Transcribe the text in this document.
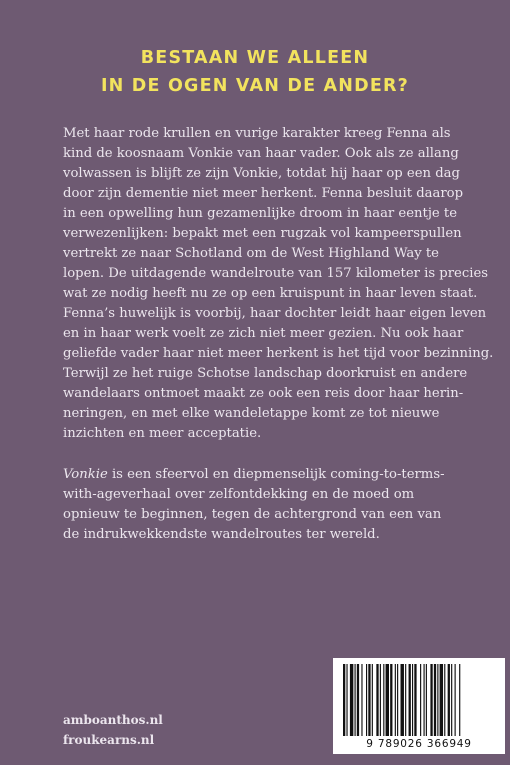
BESTAAN WE ALLEEN
IN DE OGEN VAN DE ANDER?
Met haar rode krullen en vurige karakter kreeg Fenna als
kind de koosnaam Vonkie van haar vader. Ook als ze allang
volwassen is blijft ze zijn Vonkie, totdat hij haar op een dag
door zijn dementie niet meer herkent. Fenna besluit daarop
in een opwelling hun gezamenlijke droom in haar eentje te
verwezenlijken: bepakt met een rugzak vol kampeerspullen
vertrekt ze naar Schotland om de West Highland Way te
lopen. De uitdagende wandelroute van 157 kilometer is precies
wat ze nodig heeft nu ze op een kruispunt in haar leven staat.
Fenna’s huwelijk is voorbij, haar dochter leidt haar eigen leven
en in haar werk voelt ze zich niet meer gezien. Nu ook haar
geliefde vader haar niet meer herkent is het tijd voor bezinning.
Terwijl ze het ruige Schotse landschap doorkruist en andere
wandelaars ontmoet maakt ze ook een reis door haar herin-
neringen, en met elke wandeletappe komt ze tot nieuwe
inzichten en meer acceptatie.
Vonkie is een sfeervol en diepmenselijk coming-to-terms-
with-ageverhaal over zelfontdekking en de moed om
opnieuw te beginnen, tegen de achtergrond van een van
de indrukwekkendste wandelroutes ter wereld.
amboanthos.nl
froukearns.nl	9 789026 366949
